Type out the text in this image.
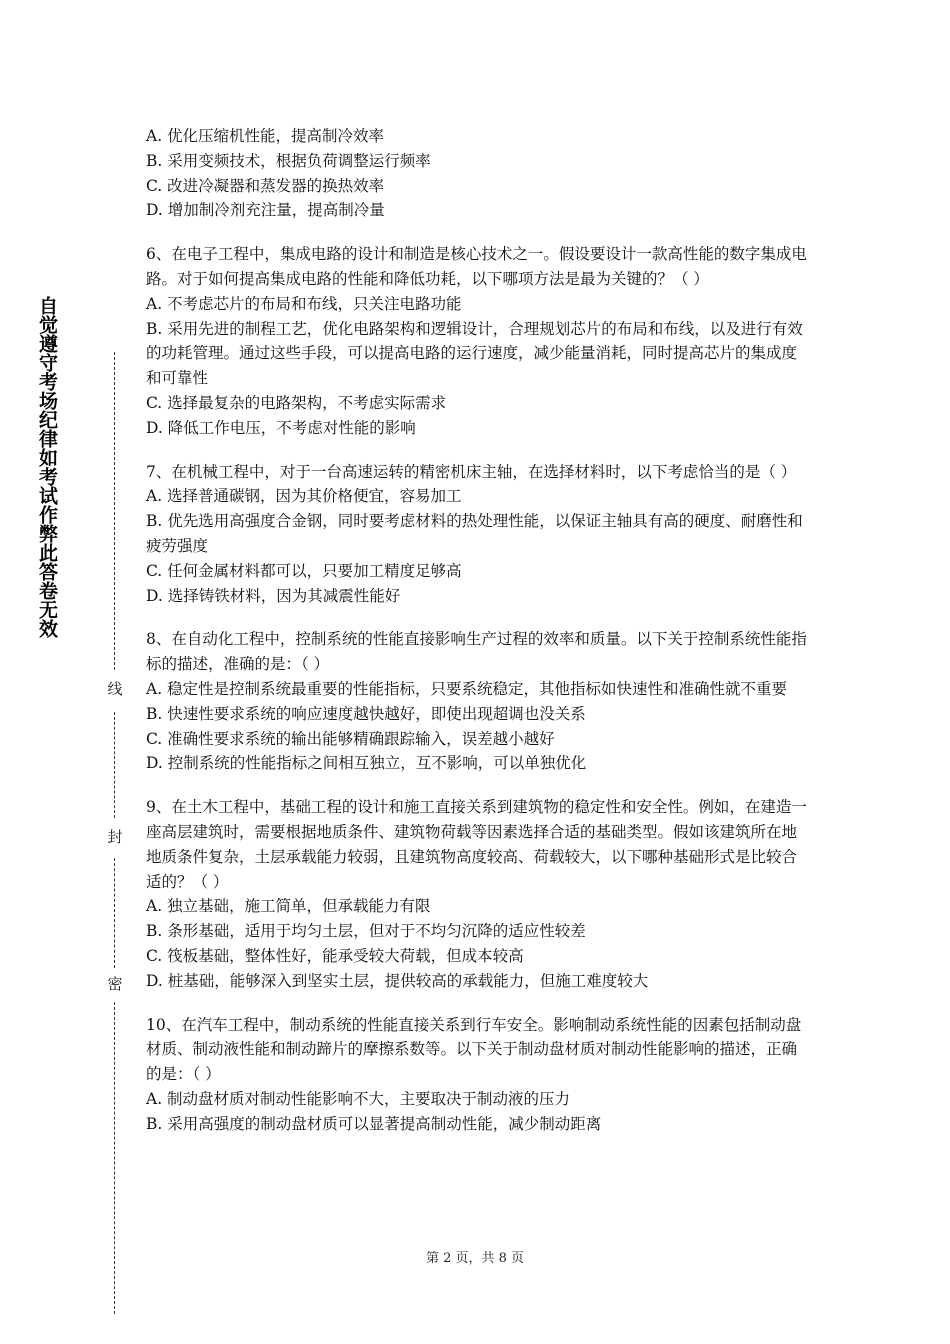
自觉遵守考场纪律如考试作弊此答卷无效
线
封
密

A. 优化压缩机性能，提高制冷效率

B. 采用变频技术，根据负荷调整运行频率

C. 改进冷凝器和蒸发器的换热效率

D. 增加制冷剂充注量，提高制冷量

6、在电子工程中，集成电路的设计和制造是核心技术之一。假设要设计一款高性能的数字集成电路。对于如何提高集成电路的性能和降低功耗，以下哪项方法是最为关键的？（ ）

A. 不考虑芯片的布局和布线，只关注电路功能

B. 采用先进的制程工艺，优化电路架构和逻辑设计，合理规划芯片的布局和布线，以及进行有效的功耗管理。通过这些手段，可以提高电路的运行速度，减少能量消耗，同时提高芯片的集成度和可靠性

C. 选择最复杂的电路架构，不考虑实际需求

D. 降低工作电压，不考虑对性能的影响

7、在机械工程中，对于一台高速运转的精密机床主轴，在选择材料时，以下考虑恰当的是（ ）

A. 选择普通碳钢，因为其价格便宜，容易加工

B. 优先选用高强度合金钢，同时要考虑材料的热处理性能，以保证主轴具有高的硬度、耐磨性和疲劳强度

C. 任何金属材料都可以，只要加工精度足够高

D. 选择铸铁材料，因为其减震性能好

8、在自动化工程中，控制系统的性能直接影响生产过程的效率和质量。以下关于控制系统性能指标的描述，准确的是：（ ）

A. 稳定性是控制系统最重要的性能指标，只要系统稳定，其他指标如快速性和准确性就不重要

B. 快速性要求系统的响应速度越快越好，即使出现超调也没关系

C. 准确性要求系统的输出能够精确跟踪输入，误差越小越好

D. 控制系统的性能指标之间相互独立，互不影响，可以单独优化

9、在土木工程中，基础工程的设计和施工直接关系到建筑物的稳定性和安全性。例如，在建造一座高层建筑时，需要根据地质条件、建筑物荷载等因素选择合适的基础类型。假如该建筑所在地地质条件复杂，土层承载能力较弱，且建筑物高度较高、荷载较大，以下哪种基础形式是比较合适的？（ ）

A. 独立基础，施工简单，但承载能力有限

B. 条形基础，适用于均匀土层，但对于不均匀沉降的适应性较差

C. 筏板基础，整体性好，能承受较大荷载，但成本较高

D. 桩基础，能够深入到坚实土层，提供较高的承载能力，但施工难度较大

10、在汽车工程中，制动系统的性能直接关系到行车安全。影响制动系统性能的因素包括制动盘材质、制动液性能和制动蹄片的摩擦系数等。以下关于制动盘材质对制动性能影响的描述，正确的是：（ ）

A. 制动盘材质对制动性能影响不大，主要取决于制动液的压力

B. 采用高强度的制动盘材质可以显著提高制动性能，减少制动距离

第 2 页，共 8 页
